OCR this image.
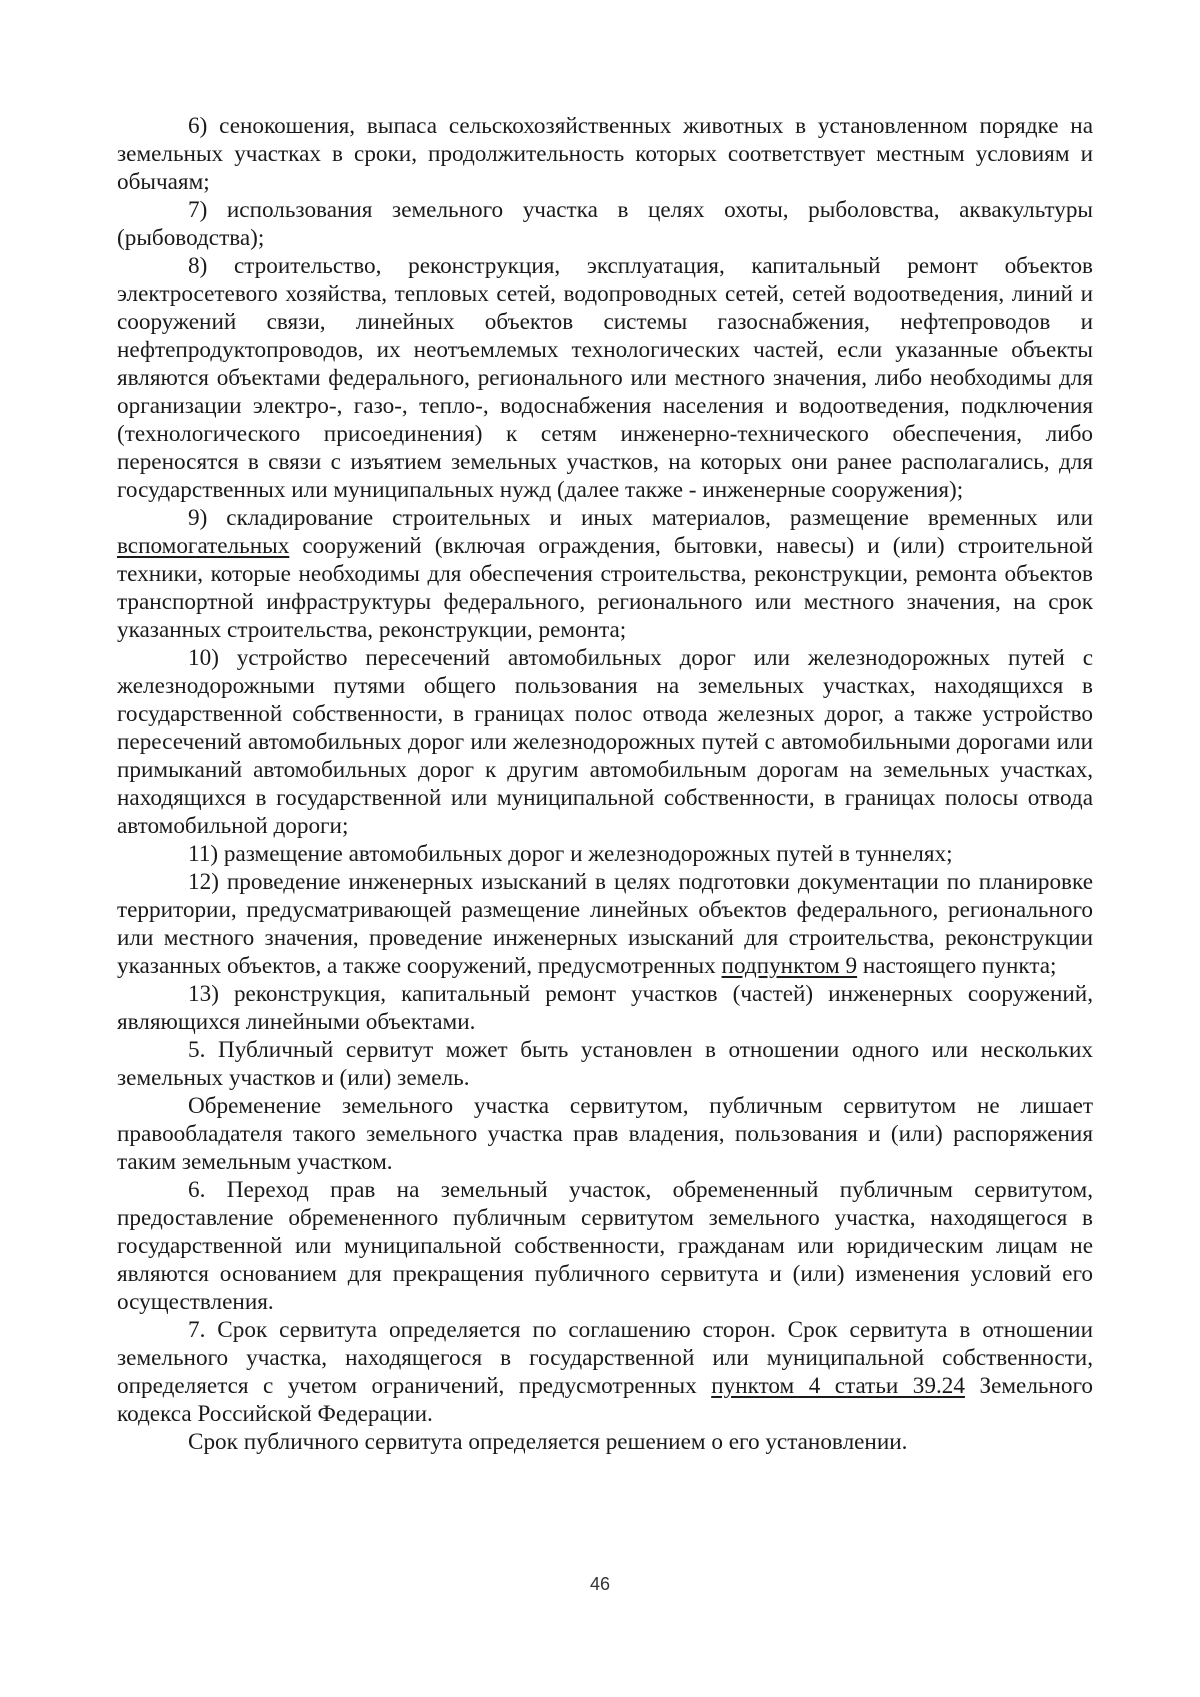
6) сенокошения, выпаса сельскохозяйственных животных в установленном порядке на земельных участках в сроки, продолжительность которых соответствует местным условиям и обычаям;

7) использования земельного участка в целях охоты, рыболовства, аквакультуры (рыбоводства);

8) строительство, реконструкция, эксплуатация, капитальный ремонт объектов электросетевого хозяйства, тепловых сетей, водопроводных сетей, сетей водоотведения, линий и сооружений связи, линейных объектов системы газоснабжения, нефтепроводов и нефтепродуктопроводов, их неотъемлемых технологических частей, если указанные объекты являются объектами федерального, регионального или местного значения, либо необходимы для организации электро-, газо-, тепло-, водоснабжения населения и водоотведения, подключения (технологического присоединения) к сетям инженерно-технического обеспечения, либо переносятся в связи с изъятием земельных участков, на которых они ранее располагались, для государственных или муниципальных нужд (далее также - инженерные сооружения);

9) складирование строительных и иных материалов, размещение временных или вспомогательных сооружений (включая ограждения, бытовки, навесы) и (или) строительной техники, которые необходимы для обеспечения строительства, реконструкции, ремонта объектов транспортной инфраструктуры федерального, регионального или местного значения, на срок указанных строительства, реконструкции, ремонта;

10) устройство пересечений автомобильных дорог или железнодорожных путей с железнодорожными путями общего пользования на земельных участках, находящихся в государственной собственности, в границах полос отвода железных дорог, а также устройство пересечений автомобильных дорог или железнодорожных путей с автомобильными дорогами или примыканий автомобильных дорог к другим автомобильным дорогам на земельных участках, находящихся в государственной или муниципальной собственности, в границах полосы отвода автомобильной дороги;

11) размещение автомобильных дорог и железнодорожных путей в туннелях;

12) проведение инженерных изысканий в целях подготовки документации по планировке территории, предусматривающей размещение линейных объектов федерального, регионального или местного значения, проведение инженерных изысканий для строительства, реконструкции указанных объектов, а также сооружений, предусмотренных подпунктом 9 настоящего пункта;

13) реконструкция, капитальный ремонт участков (частей) инженерных сооружений, являющихся линейными объектами.

5. Публичный сервитут может быть установлен в отношении одного или нескольких земельных участков и (или) земель.

Обременение земельного участка сервитутом, публичным сервитутом не лишает правообладателя такого земельного участка прав владения, пользования и (или) распоряжения таким земельным участком.

6. Переход прав на земельный участок, обремененный публичным сервитутом, предоставление обремененного публичным сервитутом земельного участка, находящегося в государственной или муниципальной собственности, гражданам или юридическим лицам не являются основанием для прекращения публичного сервитута и (или) изменения условий его осуществления.

7. Срок сервитута определяется по соглашению сторон. Срок сервитута в отношении земельного участка, находящегося в государственной или муниципальной собственности, определяется с учетом ограничений, предусмотренных пунктом 4 статьи 39.24 Земельного кодекса Российской Федерации.

Срок публичного сервитута определяется решением о его установлении.

46
